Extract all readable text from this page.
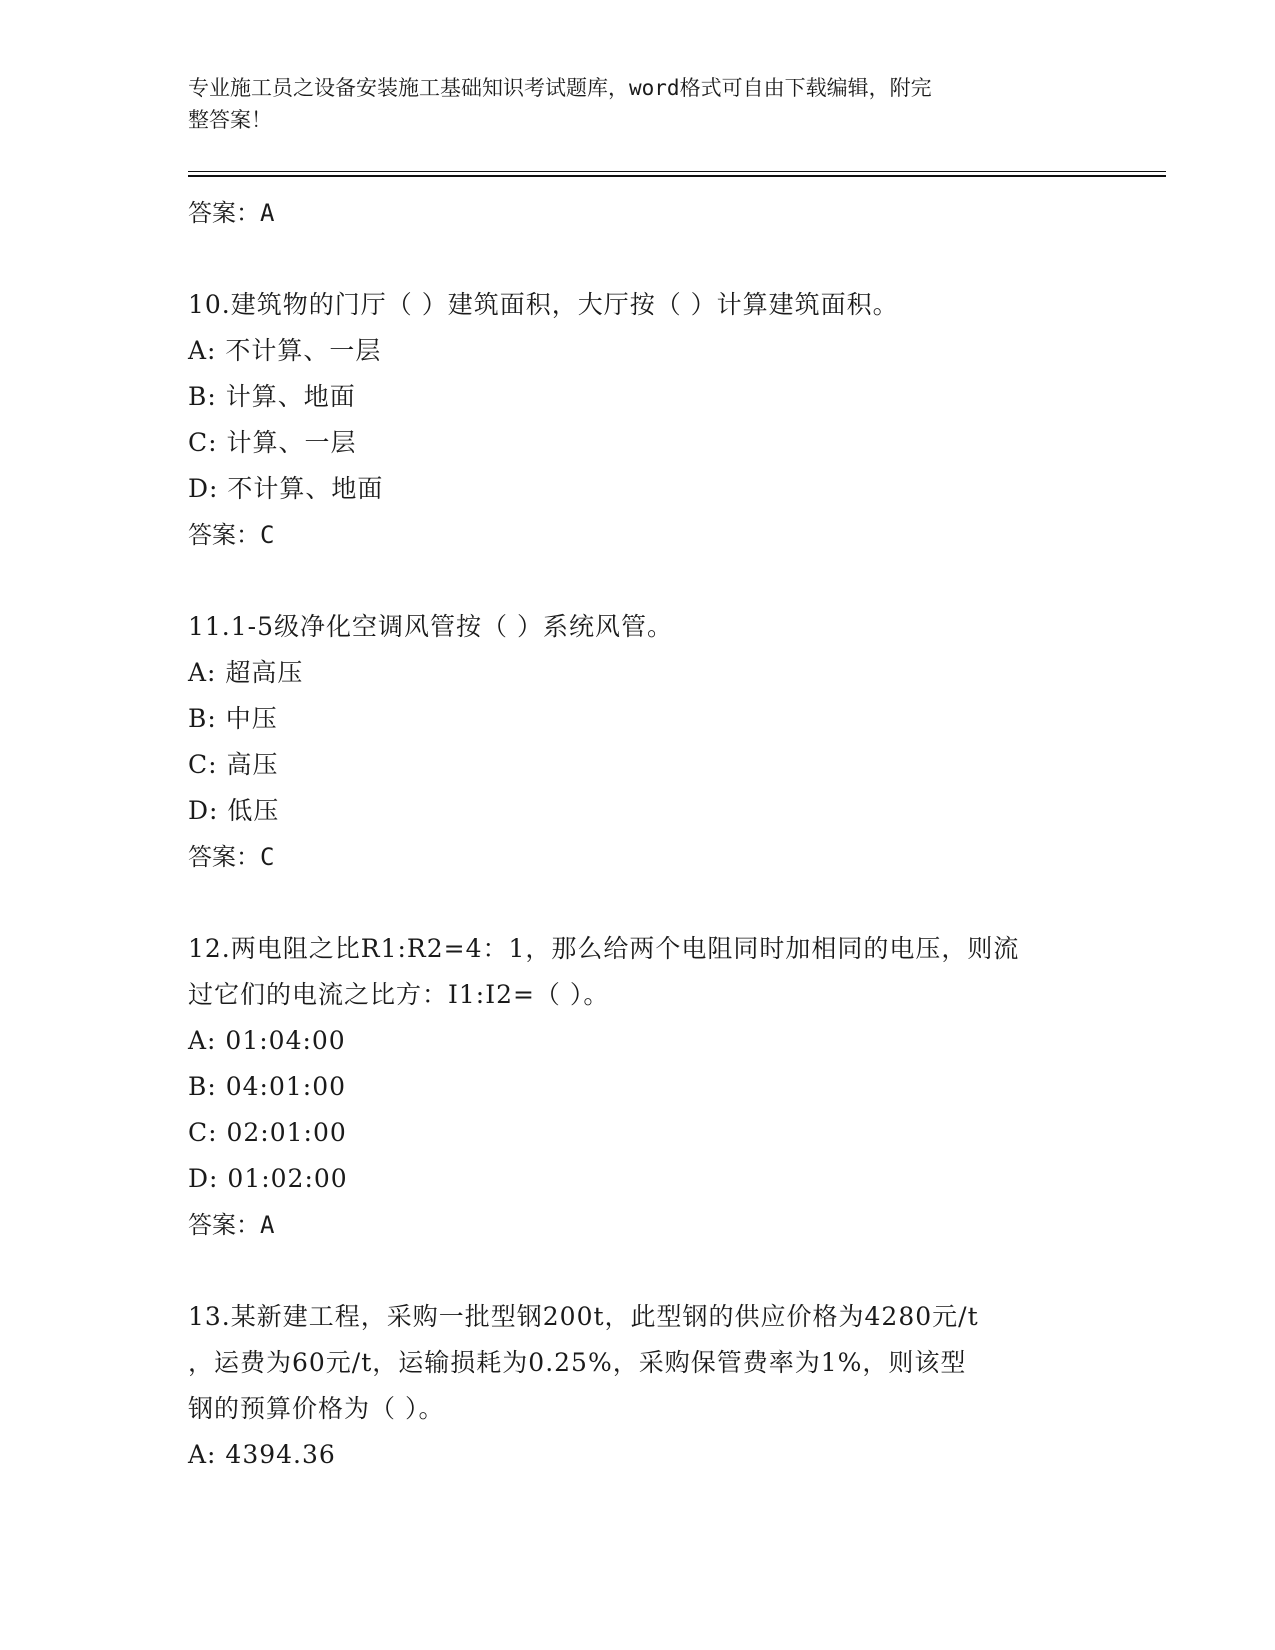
专业施工员之设备安装施工基础知识考试题库，word格式可自由下载编辑，附完
整答案！
答案：A
10.建筑物的门厅（ ）建筑面积，大厅按（ ）计算建筑面积。
A: 不计算、一层
B: 计算、地面
C: 计算、一层
D: 不计算、地面
答案：C
11.1-5级净化空调风管按（ ）系统风管。
A: 超高压
B: 中压
C: 高压
D: 低压
答案：C
12.两电阻之比R1:R2=4：1，那么给两个电阻同时加相同的电压，则流
过它们的电流之比方：I1:I2=（ ）。
A: 01:04:00
B: 04:01:00
C: 02:01:00
D: 01:02:00
答案：A
13.某新建工程，采购一批型钢200t，此型钢的供应价格为4280元/t
，运费为60元/t，运输损耗为0.25%，采购保管费率为1%，则该型
钢的预算价格为（ ）。
A: 4394.36
